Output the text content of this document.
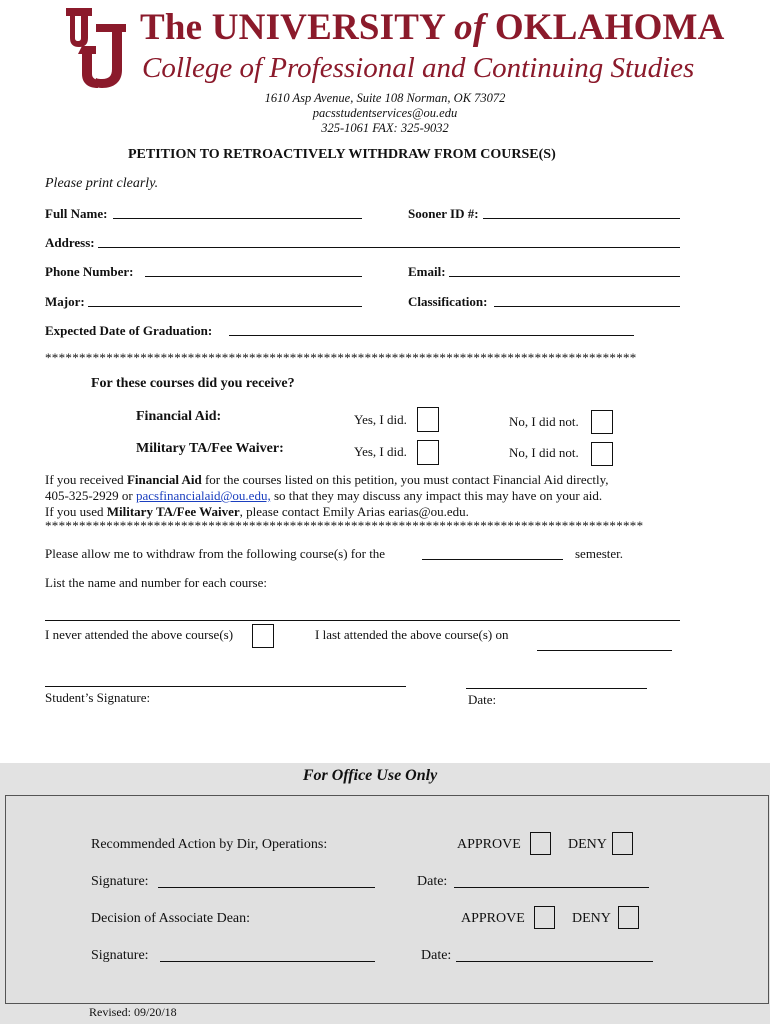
The UNIVERSITY of OKLAHOMA
College of Professional and Continuing Studies
1610 Asp Avenue, Suite 108 Norman, OK 73072
pacsstudentservices@ou.edu
325-1061 FAX: 325-9032
PETITION TO RETROACTIVELY WITHDRAW FROM COURSE(S)
Please print clearly.
Full Name:	Sooner ID #:
Address:
Phone Number:	Email:
Major:	Classification:
Expected Date of Graduation:
***************************************************************************************
For these courses did you receive?
Financial Aid:	Yes, I did.	No, I did not.
Military TA/Fee Waiver:	Yes, I did.	No, I did not.
If you received Financial Aid for the courses listed on this petition, you must contact Financial Aid directly,
405-325-2929 or pacsfinancialaid@ou.edu, so that they may discuss any impact this may have on your aid.
If you used Military TA/Fee Waiver, please contact Emily Arias earias@ou.edu.
****************************************************************************************
Please allow me to withdraw from the following course(s) for the	semester.
List the name and number for each course:
I never attended the above course(s)	I last attended the above course(s) on
Student’s Signature:	Date:
For Office Use Only
Recommended Action by Dir, Operations:	APPROVE	DENY
Signature:	Date:
Decision of Associate Dean:	APPROVE	DENY
Signature:	Date:
Revised: 09/20/18
